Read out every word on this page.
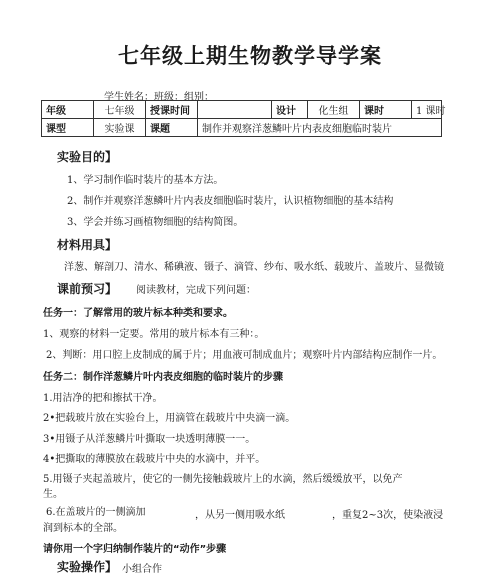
七年级上期生物教学导学案
学生姓名：班级：组别：
年级	七年级	授课时间		设计	化生组	课时	1 课时
课型	实验课	课题	制作并观察洋葱鳞叶片内表皮细胞临时装片				
实验目的】
1、学习制作临时装片的基本方法。
2、制作并观察洋葱鳞叶片内表皮细胞临时装片，认识植物细胞的基本结构
3、学会并练习画植物细胞的结构简图。
材料用具】
洋葱、解剖刀、清水、稀碘液、镊子、滴管、纱布、吸水纸、载玻片、盖玻片、显微镜
课前预习】 阅读教材，完成下列问题：
任务一：了解常用的玻片标本种类和要求。
1、观察的材料一定要。常用的玻片标本有三种：。
2、判断：用口腔上皮制成的属于片；用血液可制成血片；观察叶片内部结构应制作一片。
任务二：制作洋葱鳞片叶内表皮细胞的临时装片的步骤
1.用洁净的把和擦拭干净。
2•把载玻片放在实验台上，用滴管在载玻片中央滴一滴。
3•用镊子从洋葱鳞片叶撕取一块透明薄膜一一。
4•把撕取的薄膜放在载玻片中央的水滴中，并平。
5.用镊子夹起盖玻片，使它的一侧先接触载玻片上的水滴，然后缓缓放平，以免产
生。
6.在盖玻片的一侧滴加	，从另一侧用吸水纸	，重复2~3次，使染液浸
润到标本的全部。
请你用一个字归纳制作装片的“动作”步骤
实验操作】 小组合作
